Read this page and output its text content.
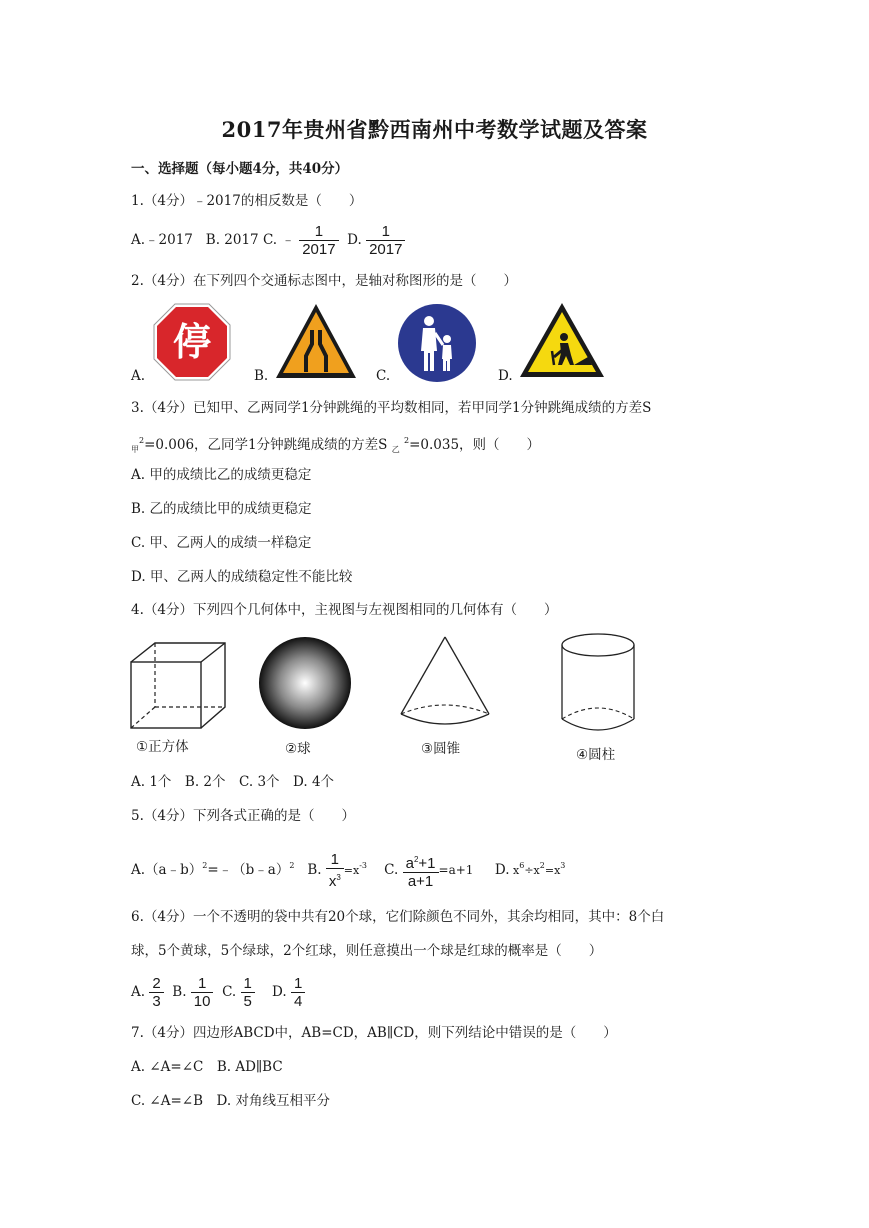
2017年贵州省黔西南州中考数学试题及答案
一、选择题（每小题4分，共40分）
1.（4分）﹣2017的相反数是（　　）
A.﹣2017 B. 2017 C. ﹣ $\frac{1}{2017} D$. $\frac{1}{2017}$
2.（4分）在下列四个交通标志图中，是轴对称图形的是（　　）
A.
停
B.	C.	D.
3.（4分）已知甲、乙两同学1分钟跳绳的平均数相同，若甲同学1分钟跳绳成绩的方差S
$_甲^2$=0.006，乙同学1分钟跳绳成绩的方差S $_乙$ $^2$=0.035，则（　　）
A. 甲的成绩比乙的成绩更稳定
B. 乙的成绩比甲的成绩更稳定
C. 甲、乙两人的成绩一样稳定
D. 甲、乙两人的成绩稳定性不能比较
4.（4分）下列四个几何体中，主视图与左视图相同的几何体有（　　）
①正方体	②球	③圆锥	④圆柱
A. 1个　B. 2个　C. 3个　D. 4个
5.（4分）下列各式正确的是（　　）
A.（a﹣b）$^2$=﹣（b﹣a）$^2$ B. $\frac{1}{x^3} =x^{-3}$ C. $\frac{a^2+1}{a+1} =a+1$ D. $x^6\div x^2=x^3$
6.（4分）一个不透明的袋中共有20个球，它们除颜色不同外，其余均相同，其中：8个白
球，5个黄球，5个绿球，2个红球，则任意摸出一个球是红球的概率是（　　）
A. $\frac{2}{3} B$. $\frac{1}{10} C$. $\frac{1}{5} D$. $\frac{1}{4}$
7.（4分）四边形ABCD中，AB=CD，AB∥CD，则下列结论中错误的是（　　）
A. ∠A=∠C　B. AD∥BC
C. ∠A=∠B　D. 对角线互相平分
